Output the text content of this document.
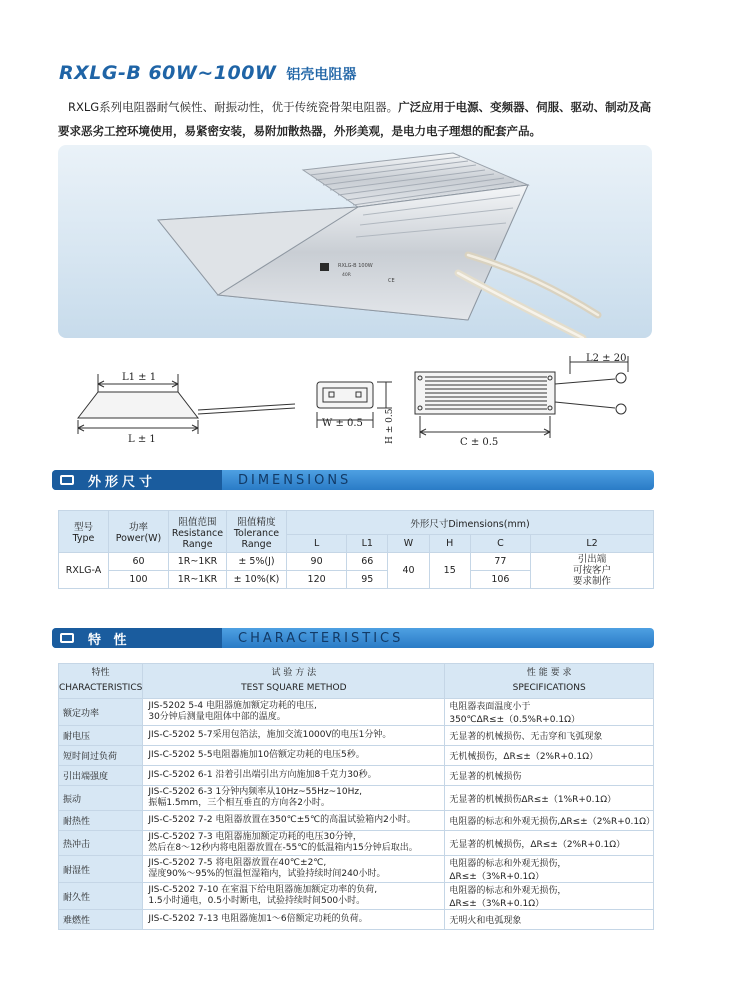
RXLG-B 60W~100W 铝壳电阻器

RXLG系列电阻器耐气候性、耐振动性，优于传统瓷骨架电阻器。广泛应用于电源、变频器、伺服、驱动、制动及高

要求恶劣工控环境使用，易紧密安装，易附加散热器，外形美观，是电力电子理想的配套产品。

RXLG-B 100W
40R
CE
L1 ± 1
L ± 1
W ± 0.5 H ± 0.5
L2 ± 20
C ± 0.5
外形尺寸	DIMENSIONS
型号
Type	功率
Power(W)	阻值范围
Resistance
Range	阻值精度
Tolerance
Range	外形尺寸Dimensions(mm)					
				L	L1	W	H	C	L2
RXLG-A	60	1R~1KR	± 5%(J)	90	66	40	15	77	引出端
可按客户
要求制作
	100	1R~1KR	± 10%(K)	120	95			106	
特 性	CHARACTERISTICS
特性
CHARACTERISTICS	试 验 方 法
TEST SQUARE METHOD	性 能 要 求
SPECIFICATIONS
额定功率	JIS-5202 5-4 电阻器施加额定功耗的电压,
30分钟后测量电阻体中部的温度。	电阻器表面温度小于350℃ΔR≤±（0.5%R+0.1Ω）
耐电压	JIS-C-5202 5-7采用包箔法，施加交流1000V的电压1分钟。	无显著的机械损伤、无击穿和飞弧现象
短时间过负荷	JIS-C-5202 5-5电阻器施加10倍额定功耗的电压5秒。	无机械损伤，ΔR≤±（2%R+0.1Ω）
引出端强度	JIS-C-5202 6-1 沿着引出端引出方向施加8千克力30秒。	无显著的机械损伤
振动	JIS-C-5202 6-3 1分钟内频率从10Hz~55Hz~10Hz,
振幅1.5mm，三个相互垂直的方向各2小时。	无显著的机械损伤ΔR≤±（1%R+0.1Ω）
耐热性	JIS-C-5202 7-2 电阻器放置在350℃±5℃的高温试验箱内2小时。	电阻器的标志和外观无损伤,ΔR≤±（2%R+0.1Ω）
热冲击	JIS-C-5202 7-3 电阻器施加额定功耗的电压30分钟，
然后在8～12秒内将电阻器放置在-55℃的低温箱内15分钟后取出。	无显著的机械损伤，ΔR≤±（2%R+0.1Ω）
耐湿性	JIS-C-5202 7-5 将电阻器放置在40℃±2℃,
湿度90%～95%的恒温恒湿箱内，试验持续时间240小时。	电阻器的标志和外观无损伤，ΔR≤±（3%R+0.1Ω）
耐久性	JIS-C-5202 7-10 在室温下给电阻器施加额定功率的负荷,
1.5小时通电，0.5小时断电，试验持续时间500小时。	电阻器的标志和外观无损伤，ΔR≤±（3%R+0.1Ω）
难燃性	JIS-C-5202 7-13 电阻器施加1～6倍额定功耗的负荷。	无明火和电弧现象
